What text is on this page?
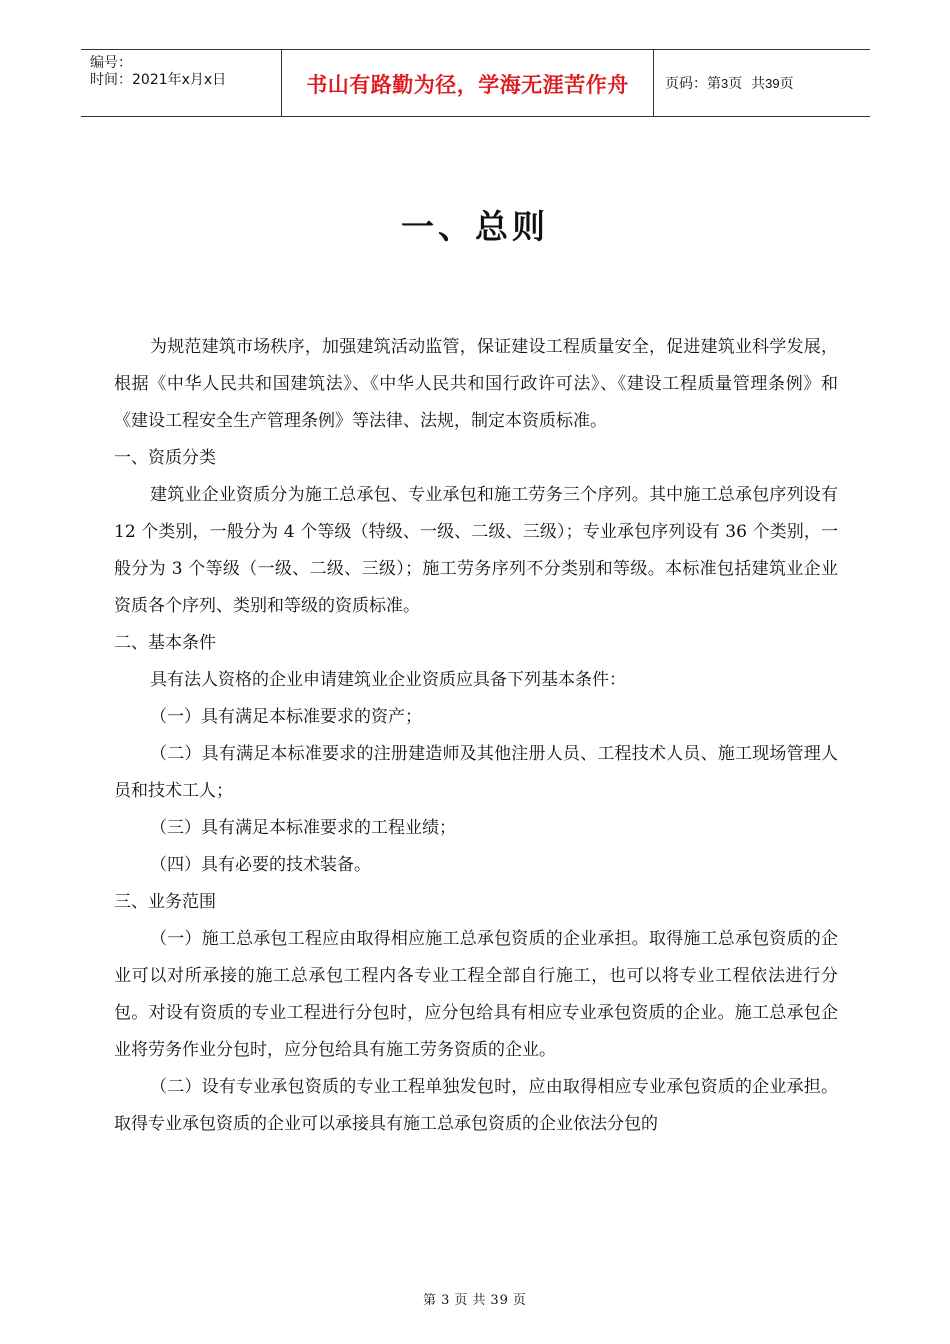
编号：
时间：2021年x月x日	书山有路勤为径，学海无涯苦作舟	页码：第 3 页  共 39 页
一、总则

为规范建筑市场秩序，加强建筑活动监管，保证建设工程质量安全，促进建筑业科学发展，根据《中华人民共和国建筑法》、《中华人民共和国行政许可法》、《建设工程质量管理条例》和《建设工程安全生产管理条例》等法律、法规，制定本资质标准。

一、资质分类

建筑业企业资质分为施工总承包、专业承包和施工劳务三个序列。其中施工总承包序列设有 12 个类别，一般分为 4 个等级（特级、一级、二级、三级）；专业承包序列设有 36 个类别，一般分为 3 个等级（一级、二级、三级）；施工劳务序列不分类别和等级。本标准包括建筑业企业资质各个序列、类别和等级的资质标准。

二、基本条件

具有法人资格的企业申请建筑业企业资质应具备下列基本条件：

（一）具有满足本标准要求的资产；

（二）具有满足本标准要求的注册建造师及其他注册人员、工程技术人员、施工现场管理人员和技术工人；

（三）具有满足本标准要求的工程业绩；

（四）具有必要的技术装备。

三、业务范围

（一）施工总承包工程应由取得相应施工总承包资质的企业承担。取得施工总承包资质的企业可以对所承接的施工总承包工程内各专业工程全部自行施工，也可以将专业工程依法进行分包。对设有资质的专业工程进行分包时，应分包给具有相应专业承包资质的企业。施工总承包企业将劳务作业分包时，应分包给具有施工劳务资质的企业。

（二）设有专业承包资质的专业工程单独发包时，应由取得相应专业承包资质的企业承担。取得专业承包资质的企业可以承接具有施工总承包资质的企业依法分包的

第 3 页 共 39 页
